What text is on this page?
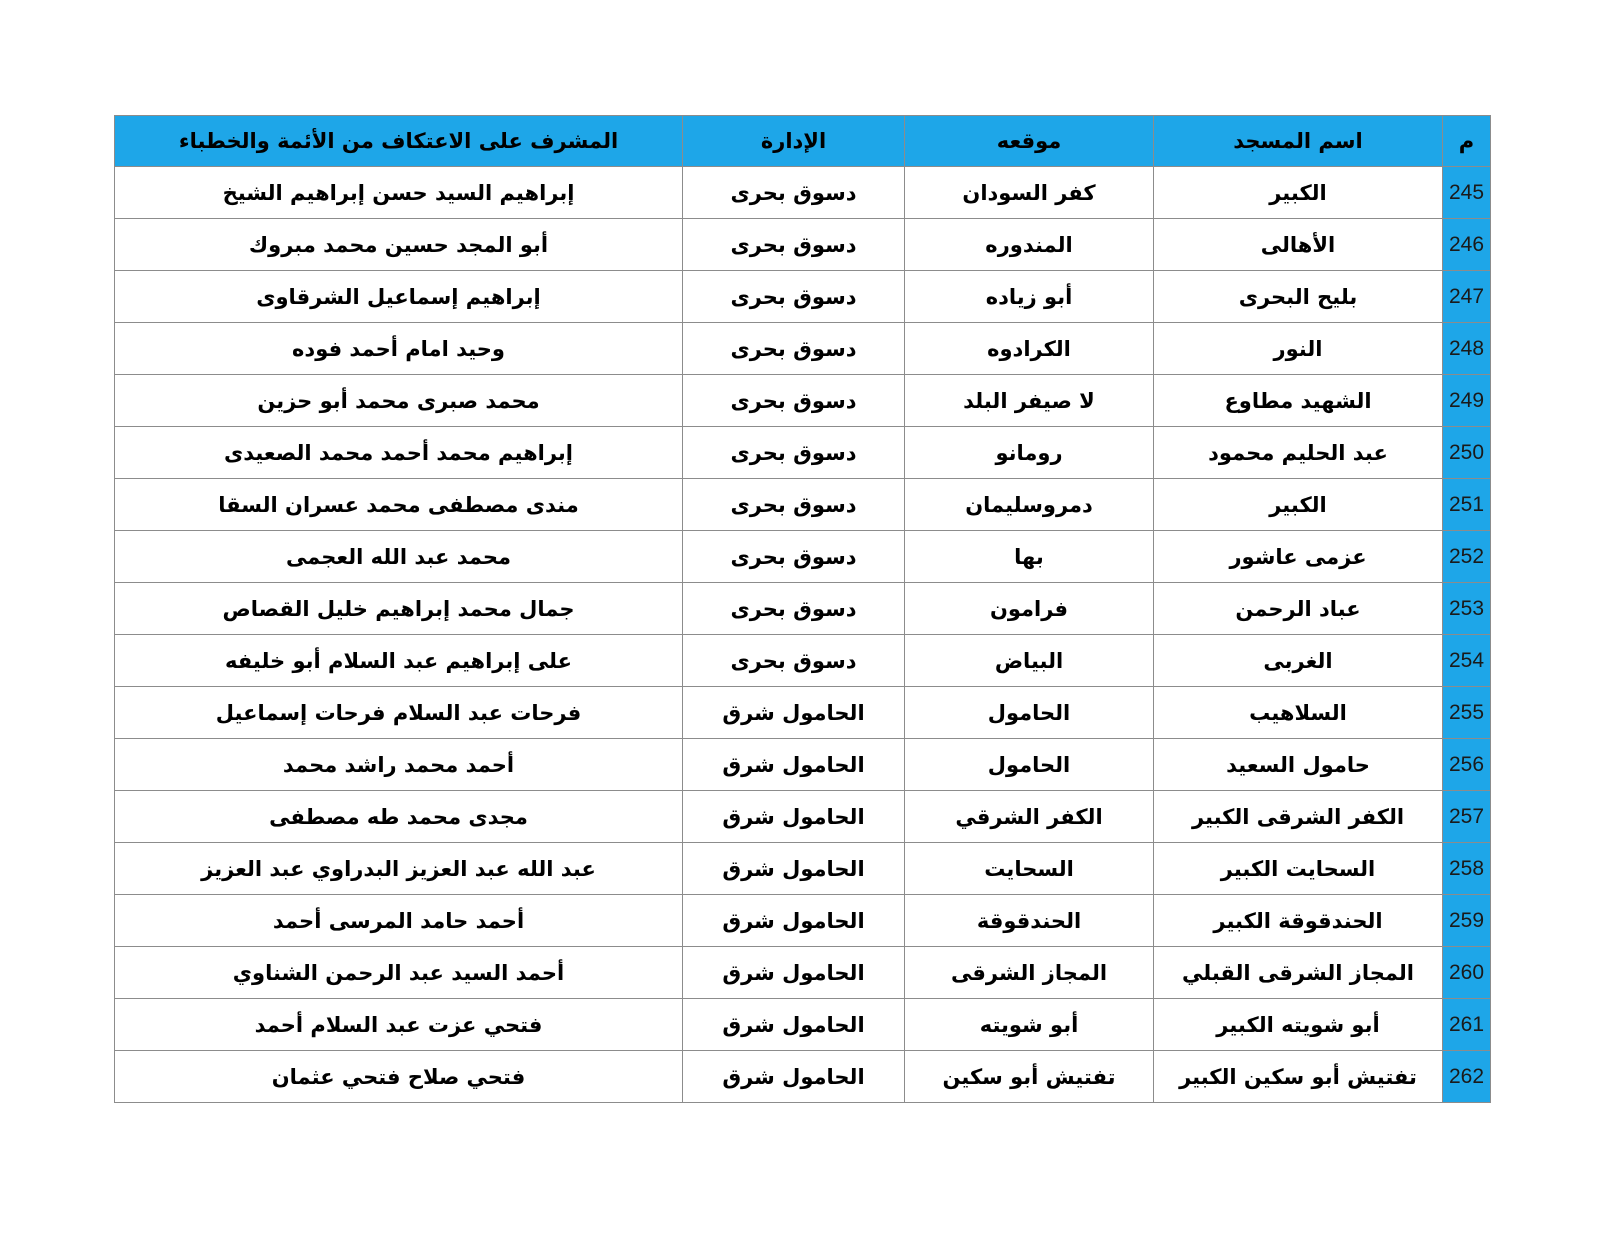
م	اسم المسجد	موقعه	الإدارة	المشرف على الاعتكاف من الأئمة والخطباء
245	الكبير	كفر السودان	دسوق بحرى	إبراهيم السيد حسن إبراهيم الشيخ
246	الأهالى	المندوره	دسوق بحرى	أبو المجد حسين محمد مبروك
247	بليح البحرى	أبو زياده	دسوق بحرى	إبراهيم إسماعيل الشرقاوى
248	النور	الكرادوه	دسوق بحرى	وحيد امام أحمد فوده
249	الشهيد مطاوع	لا صيفر البلد	دسوق بحرى	محمد صبرى محمد أبو حزين
250	عبد الحليم محمود	رومانو	دسوق بحرى	إبراهيم محمد أحمد محمد الصعيدى
251	الكبير	دمروسليمان	دسوق بحرى	مندى مصطفى محمد عسران السقا
252	عزمى عاشور	بها	دسوق بحرى	محمد عبد الله العجمى
253	عباد الرحمن	فرامون	دسوق بحرى	جمال محمد إبراهيم خليل القصاص
254	الغربى	البياض	دسوق بحرى	على إبراهيم عبد السلام أبو خليفه
255	السلاهيب	الحامول	الحامول شرق	فرحات عبد السلام فرحات إسماعيل
256	حامول السعيد	الحامول	الحامول شرق	أحمد محمد راشد محمد
257	الكفر الشرقى الكبير	الكفر الشرقي	الحامول شرق	مجدى محمد طه مصطفى
258	السحايت الكبير	السحايت	الحامول شرق	عبد الله عبد العزيز البدراوي عبد العزيز
259	الحندقوقة الكبير	الحندقوقة	الحامول شرق	أحمد حامد المرسى أحمد
260	المجاز الشرقى القبلي	المجاز الشرقى	الحامول شرق	أحمد السيد عبد الرحمن الشناوي
261	أبو شويته الكبير	أبو شويته	الحامول شرق	فتحي عزت عبد السلام أحمد
262	تفتيش أبو سكين الكبير	تفتيش أبو سكين	الحامول شرق	فتحي صلاح فتحي عثمان
